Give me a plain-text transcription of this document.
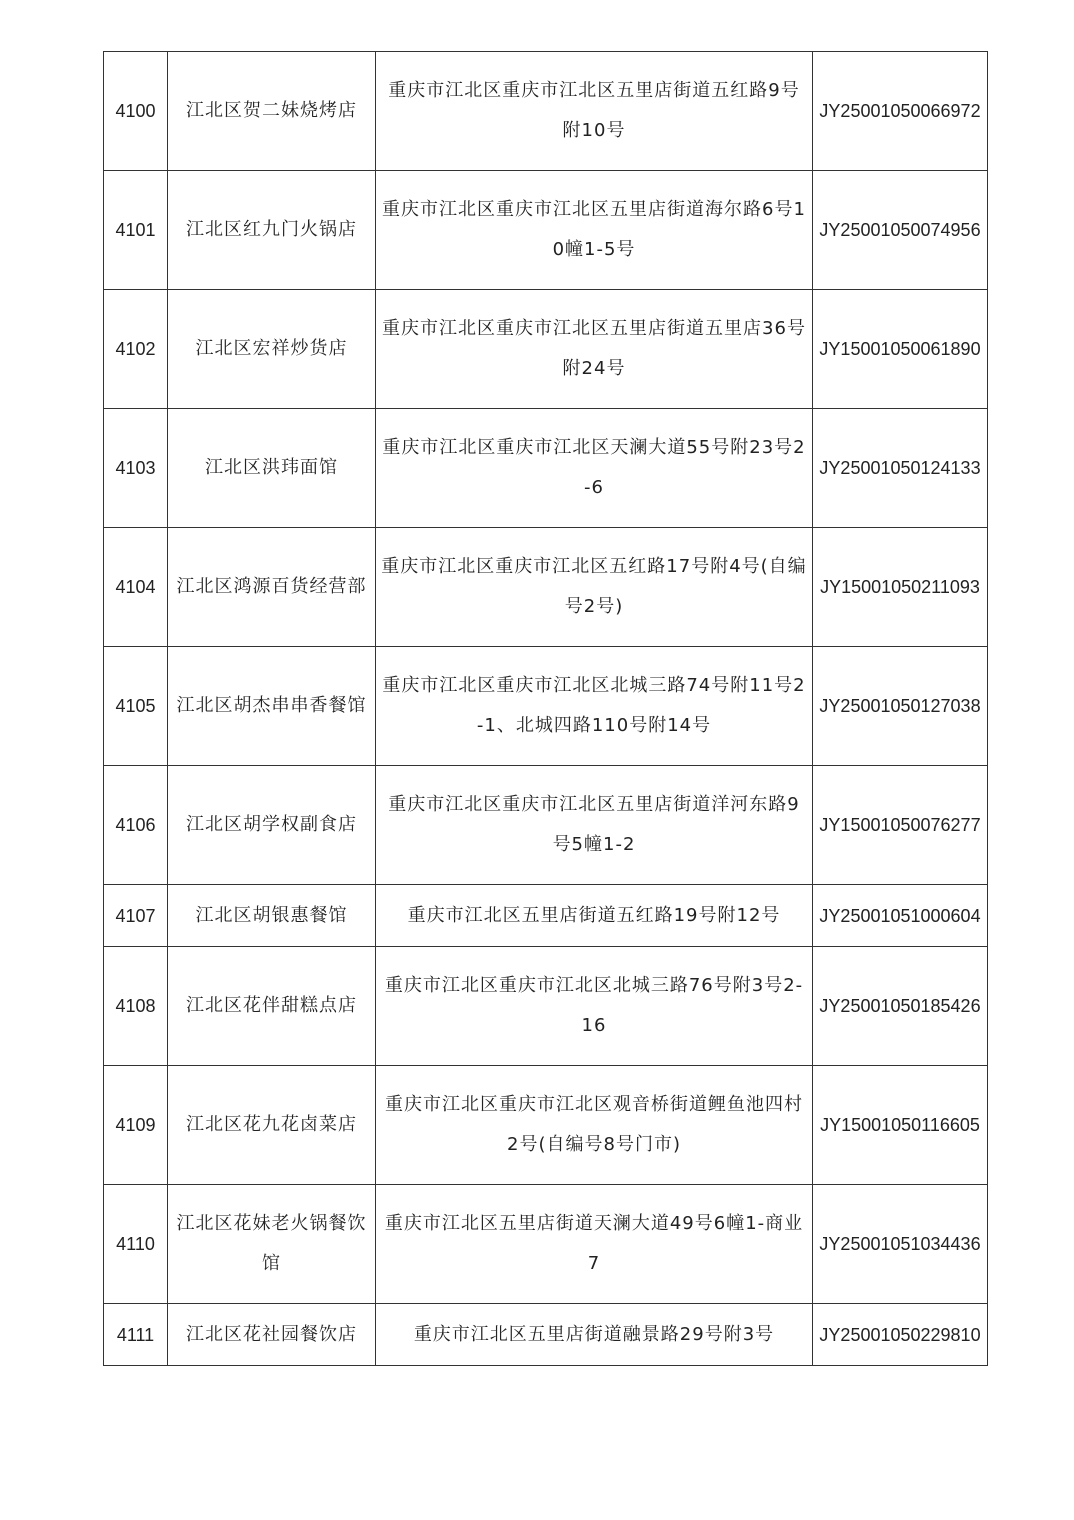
4100	江北区贺二妹烧烤店	重庆市江北区重庆市江北区五里店街道五红路9号附10号	JY25001050066972
4101	江北区红九门火锅店	重庆市江北区重庆市江北区五里店街道海尔路6号10幢1-5号	JY25001050074956
4102	江北区宏祥炒货店	重庆市江北区重庆市江北区五里店街道五里店36号附24号	JY15001050061890
4103	江北区洪玮面馆	重庆市江北区重庆市江北区天澜大道55号附23号2-6	JY25001050124133
4104	江北区鸿源百货经营部	重庆市江北区重庆市江北区五红路17号附4号(自编号2号)	JY15001050211093
4105	江北区胡杰串串香餐馆	重庆市江北区重庆市江北区北城三路74号附11号2-1、北城四路110号附14号	JY25001050127038
4106	江北区胡学权副食店	重庆市江北区重庆市江北区五里店街道洋河东路9号5幢1-2	JY15001050076277
4107	江北区胡银惠餐馆	重庆市江北区五里店街道五红路19号附12号	JY25001051000604
4108	江北区花伴甜糕点店	重庆市江北区重庆市江北区北城三路76号附3号2-16	JY25001050185426
4109	江北区花九花卤菜店	重庆市江北区重庆市江北区观音桥街道鲤鱼池四村2号(自编号8号门市)	JY15001050116605
4110	江北区花妹老火锅餐饮馆	重庆市江北区五里店街道天澜大道49号6幢1-商业7	JY25001051034436
4111	江北区花社园餐饮店	重庆市江北区五里店街道融景路29号附3号	JY25001050229810
